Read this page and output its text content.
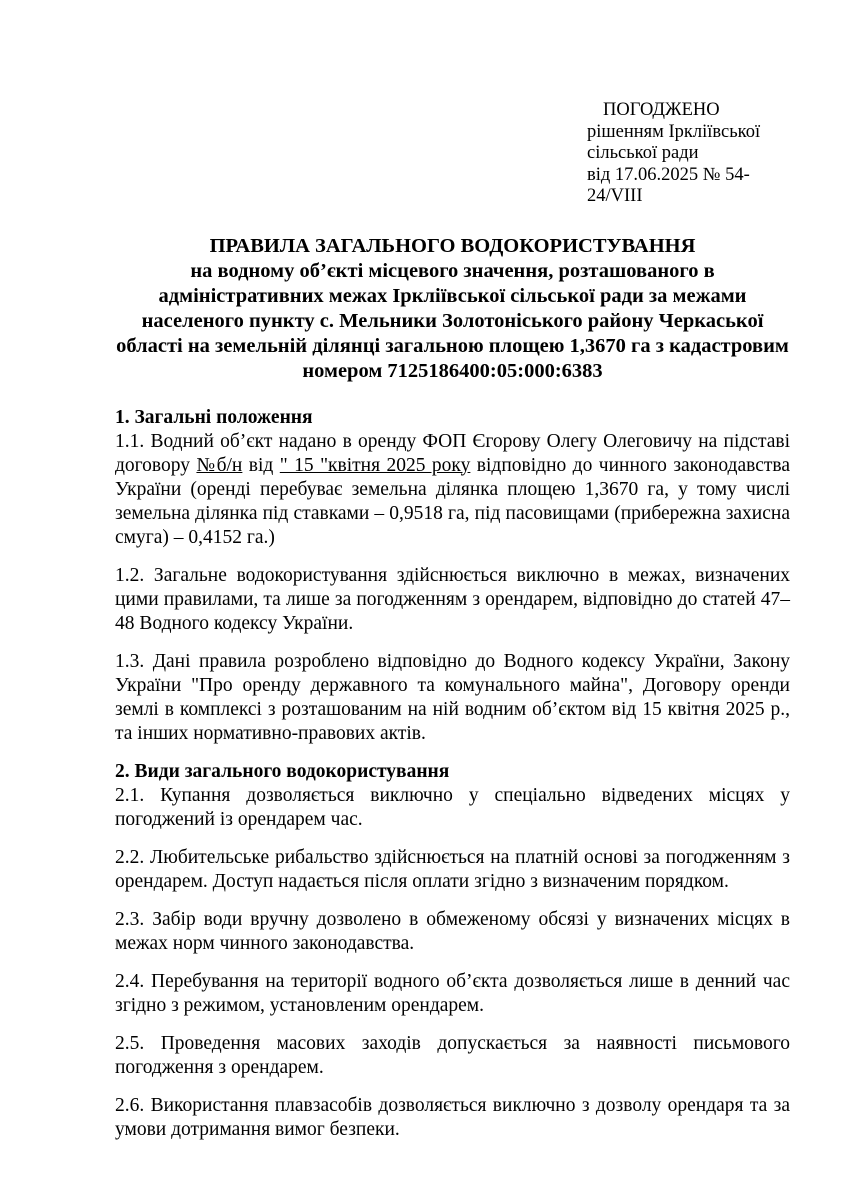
ПОГОДЖЕНО
рішенням Іркліївської
сільської ради
від 17.06.2025 № 54-24/VIII
ПРАВИЛА ЗАГАЛЬНОГО ВОДОКОРИСТУВАННЯ
на водному об’єкті місцевого значення, розташованого в адміністративних межах Іркліївської сільської ради за межами населеного пункту с. Мельники Золотоніського району Черкаської області на земельній ділянці загальною площею 1,3670 га з кадастровим номером 7125186400:05:000:6383
1. Загальні положення

1.1. Водний об’єкт надано в оренду ФОП Єгорову Олегу Олеговичу на підставі договору №б/н від " 15 "квітня 2025 року відповідно до чинного законодавства України (оренді перебуває земельна ділянка площею 1,3670 га, у тому числі земельна ділянка під ставками – 0,9518 га, під пасовищами (прибережна захисна смуга) – 0,4152 га.)

1.2. Загальне водокористування здійснюється виключно в межах, визначених цими правилами, та лише за погодженням з орендарем, відповідно до статей 47–48 Водного кодексу України.

1.3. Дані правила розроблено відповідно до Водного кодексу України, Закону України "Про оренду державного та комунального майна", Договору оренди землі в комплексі з розташованим на ній водним об’єктом від 15 квітня 2025 р., та інших нормативно-правових актів.

2. Види загального водокористування

2.1. Купання дозволяється виключно у спеціально відведених місцях у погоджений із орендарем час.

2.2. Любительське рибальство здійснюється на платній основі за погодженням з орендарем. Доступ надається після оплати згідно з визначеним порядком.

2.3. Забір води вручну дозволено в обмеженому обсязі у визначених місцях в межах норм чинного законодавства.

2.4. Перебування на території водного об’єкта дозволяється лише в денний час згідно з режимом, установленим орендарем.

2.5. Проведення масових заходів допускається за наявності письмового погодження з орендарем.

2.6. Використання плавзасобів дозволяється виключно з дозволу орендаря та за умови дотримання вимог безпеки.
